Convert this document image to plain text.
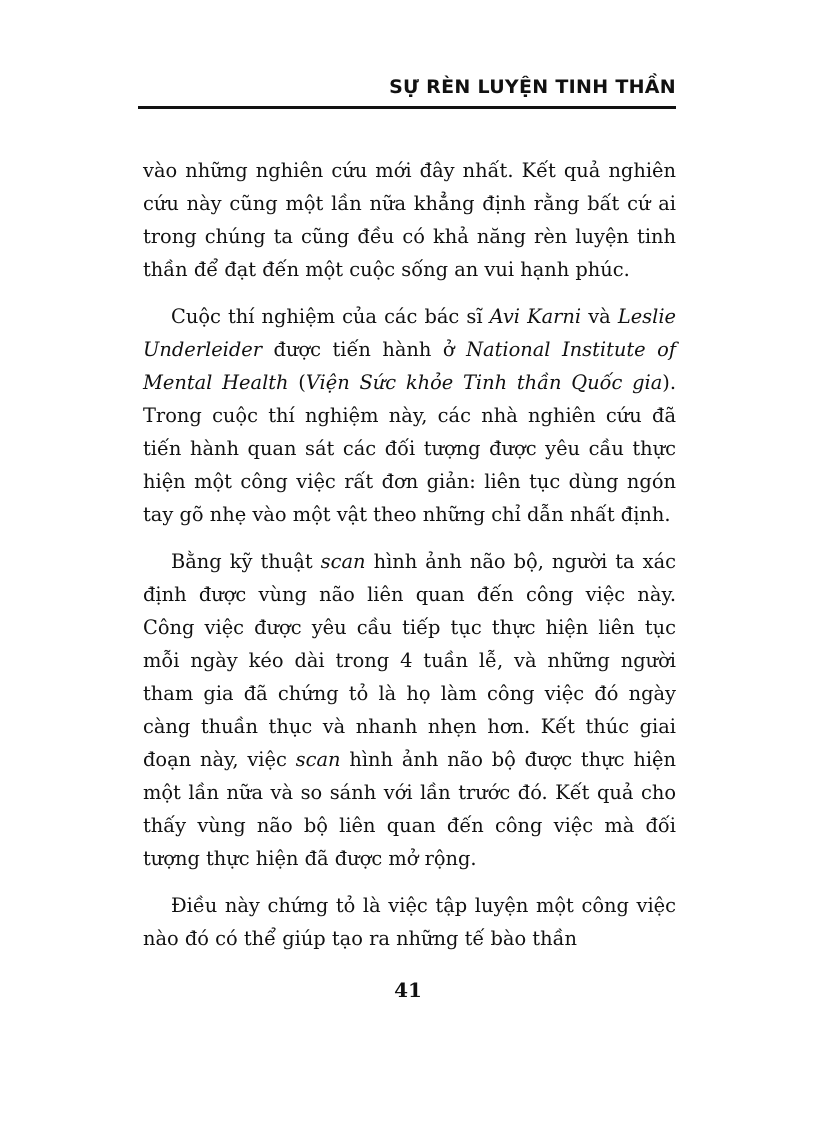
SỰ RÈN LUYỆN TINH THẦN

vào những nghiên cứu mới đây nhất. Kết quả nghiên cứu này cũng một lần nữa khẳng định rằng bất cứ ai trong chúng ta cũng đều có khả năng rèn luyện tinh thần để đạt đến một cuộc sống an vui hạnh phúc.

Cuộc thí nghiệm của các bác sĩ Avi Karni và Leslie Underleider được tiến hành ở National Institute of Mental Health (Viện Sức khỏe Tinh thần Quốc gia). Trong cuộc thí nghiệm này, các nhà nghiên cứu đã tiến hành quan sát các đối tượng được yêu cầu thực hiện một công việc rất đơn giản: liên tục dùng ngón tay gõ nhẹ vào một vật theo những chỉ dẫn nhất định.

Bằng kỹ thuật scan hình ảnh não bộ, người ta xác định được vùng não liên quan đến công việc này. Công việc được yêu cầu tiếp tục thực hiện liên tục mỗi ngày kéo dài trong 4 tuần lễ, và những người tham gia đã chứng tỏ là họ làm công việc đó ngày càng thuần thục và nhanh nhẹn hơn. Kết thúc giai đoạn này, việc scan hình ảnh não bộ được thực hiện một lần nữa và so sánh với lần trước đó. Kết quả cho thấy vùng não bộ liên quan đến công việc mà đối tượng thực hiện đã được mở rộng.

Điều này chứng tỏ là việc tập luyện một công việc nào đó có thể giúp tạo ra những tế bào thần

41
